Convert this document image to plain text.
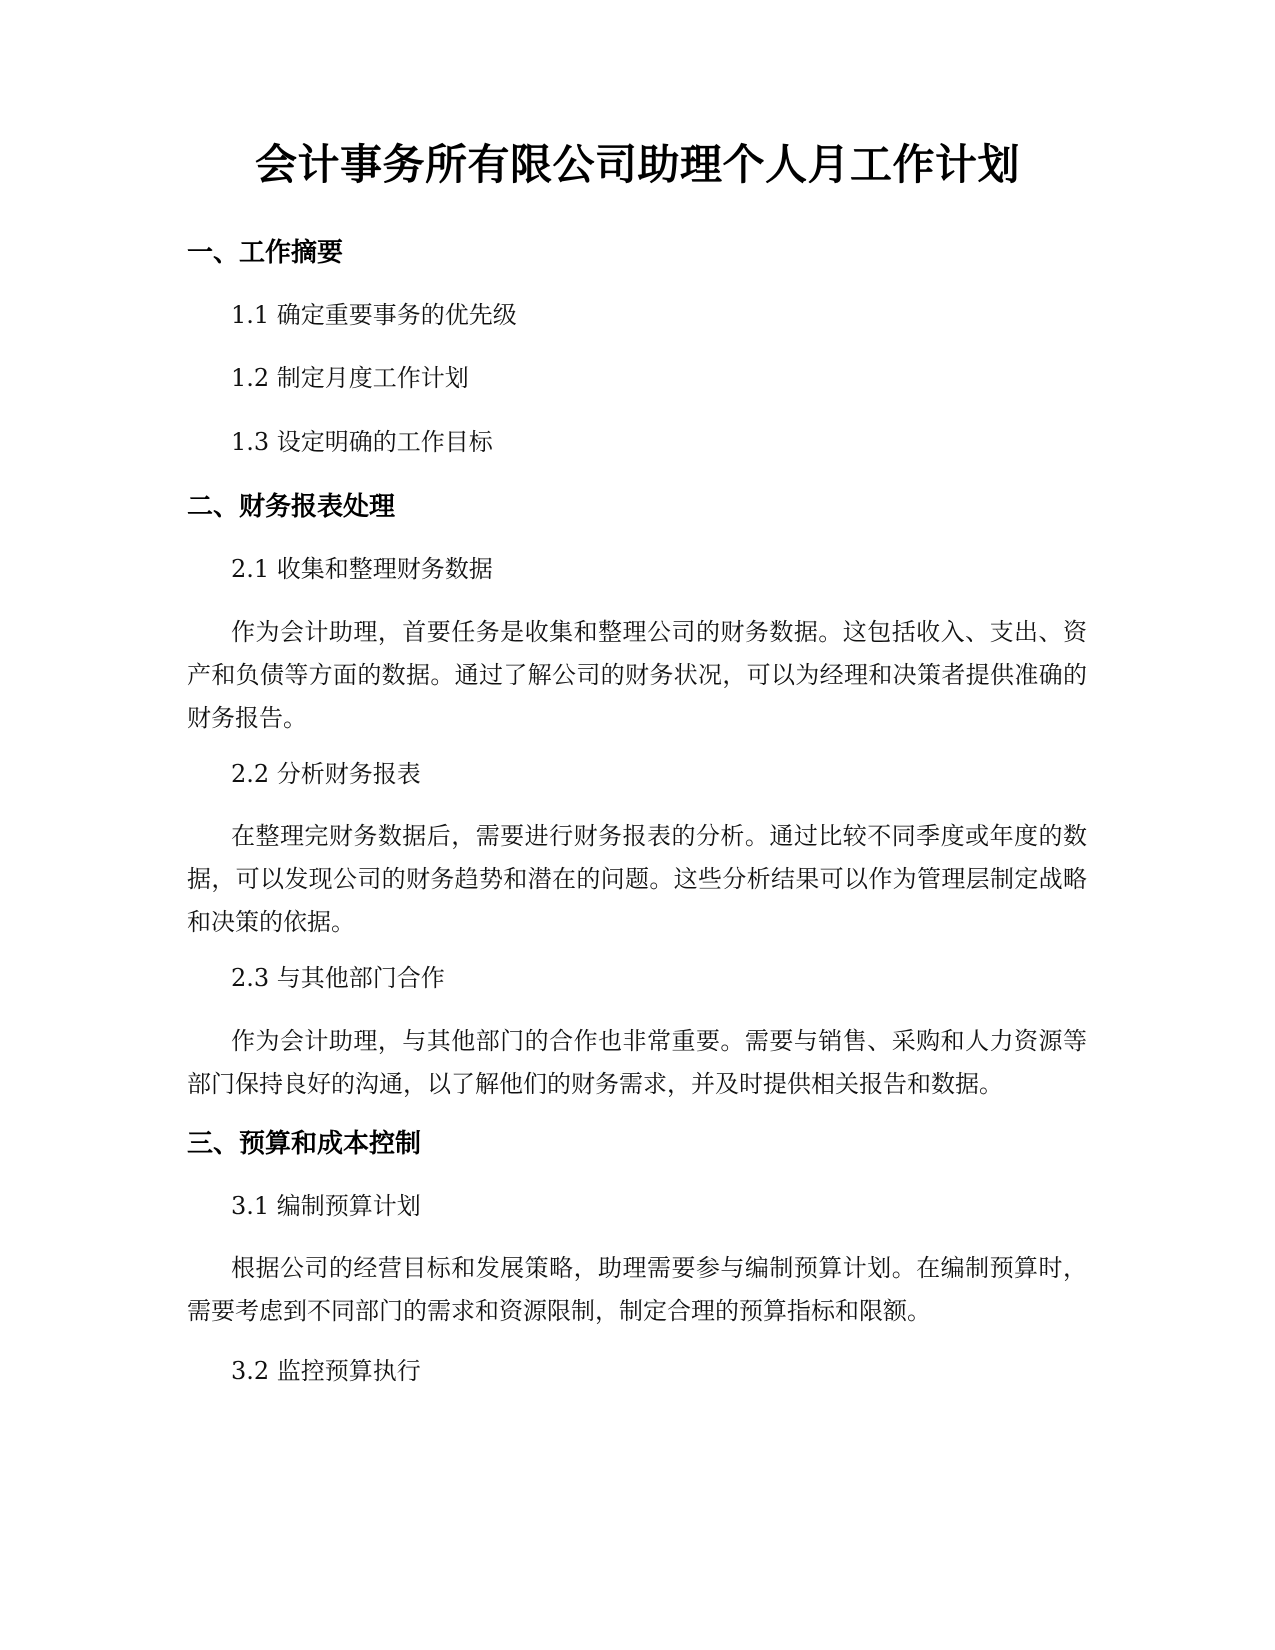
会计事务所有限公司助理个人月工作计划
一、工作摘要
1.1 确定重要事务的优先级
1.2 制定月度工作计划
1.3 设定明确的工作目标
二、财务报表处理
2.1 收集和整理财务数据
作为会计助理，首要任务是收集和整理公司的财务数据。这包括收入、支出、资产和负债等方面的数据。通过了解公司的财务状况，可以为经理和决策者提供准确的财务报告。
2.2 分析财务报表
在整理完财务数据后，需要进行财务报表的分析。通过比较不同季度或年度的数据，可以发现公司的财务趋势和潜在的问题。这些分析结果可以作为管理层制定战略和决策的依据。
2.3 与其他部门合作
作为会计助理，与其他部门的合作也非常重要。需要与销售、采购和人力资源等部门保持良好的沟通，以了解他们的财务需求，并及时提供相关报告和数据。
三、预算和成本控制
3.1 编制预算计划
根据公司的经营目标和发展策略，助理需要参与编制预算计划。在编制预算时，需要考虑到不同部门的需求和资源限制，制定合理的预算指标和限额。
3.2 监控预算执行
